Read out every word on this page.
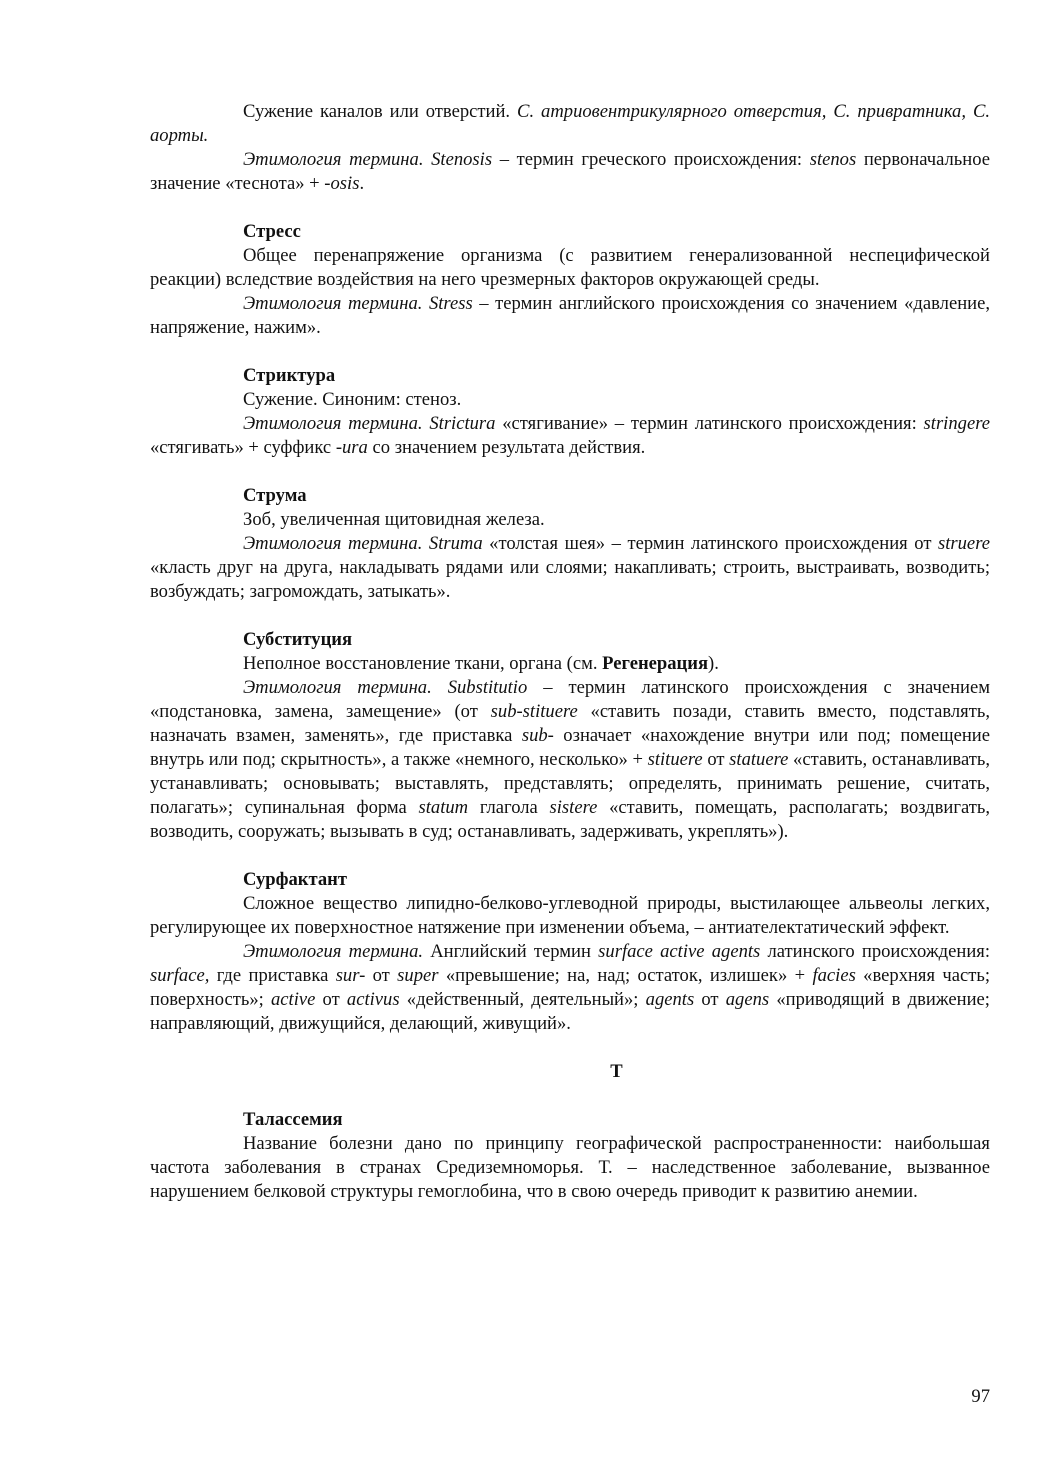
Сужение каналов или отверстий. С. атриовентрикулярного отверстия, С. привратника, С. аорты.

Этимология термина. Stenosis – термин греческого происхождения: stenos первоначальное значение «теснота» + -osis.

Стресс

Общее перенапряжение организма (с развитием генерализованной неспецифической реакции) вследствие воздействия на него чрезмерных факторов окружающей среды.

Этимология термина. Stress – термин английского происхождения со значением «давление, напряжение, нажим».

Стриктура

Сужение. Синоним: стеноз.

Этимология термина. Strictura «стягивание» – термин латинского происхождения: stringere «стягивать» + суффикс -ura со значением результата действия.

Струма

Зоб, увеличенная щитовидная железа.

Этимология термина. Struma «толстая шея» – термин латинского происхождения от struere «класть друг на друга, накладывать рядами или слоями; накапливать; строить, выстраивать, возводить; возбуждать; загромождать, затыкать».

Субституция

Неполное восстановление ткани, органа (см. Регенерация).

Этимология термина. Substitutio – термин латинского происхождения с значением «подстановка, замена, замещение» (от sub-stituere «ставить позади, ставить вместо, подставлять, назначать взамен, заменять», где приставка sub- означает «нахождение внутри или под; помещение внутрь или под; скрытность», а также «немного, несколько» + stituere от statuere «ставить, останавливать, устанавливать; основывать; выставлять, представлять; определять, принимать решение, считать, полагать»; супинальная форма statum глагола sistere «ставить, помещать, располагать; воздвигать, возводить, сооружать; вызывать в суд; останавливать, задерживать, укреплять»).

Сурфактант

Сложное вещество липидно-белково-углеводной природы, выстилающее альвеолы легких, регулирующее их поверхностное натяжение при изменении объема, – антиателектатический эффект.

Этимология термина. Английский термин surface active agents латинского происхождения: surface, где приставка sur- от super «превышение; на, над; остаток, излишек» + facies «верхняя часть; поверхность»; active от activus «действенный, деятельный»; agents от agens «приводящий в движение; направляющий, движущийся, делающий, живущий».

Т

Талассемия

Название болезни дано по принципу географической распространенности: наибольшая частота заболевания в странах Средиземноморья. Т. – наследственное заболевание, вызванное нарушением белковой структуры гемоглобина, что в свою очередь приводит к развитию анемии.

97
